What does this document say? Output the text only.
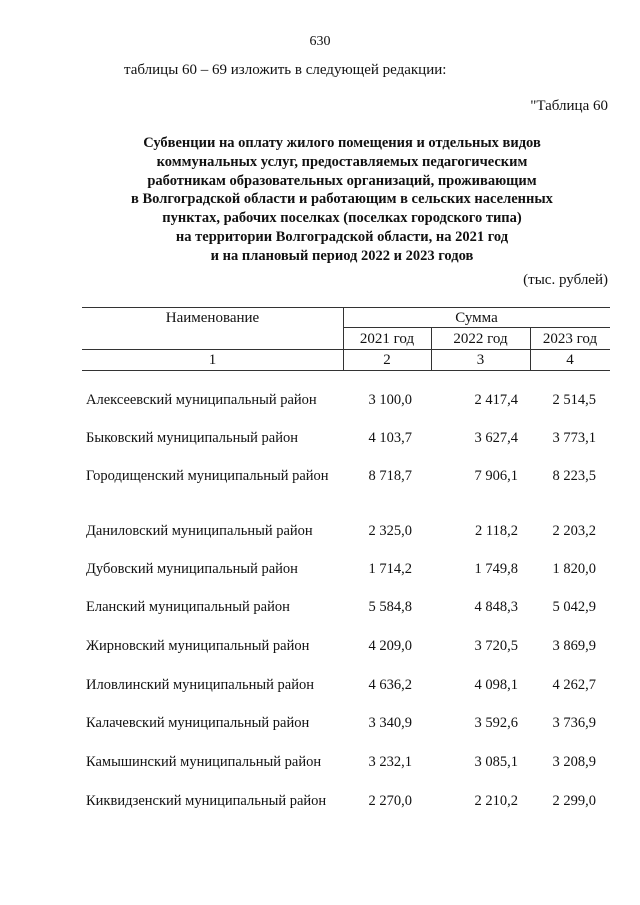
630
таблицы 60 – 69 изложить в следующей редакции:
"Таблица 60
Субвенции на оплату жилого помещения и отдельных видов
коммунальных услуг, предоставляемых педагогическим
работникам образовательных организаций, проживающим
в Волгоградской области и работающим в сельских населенных
пунктах, рабочих поселках (поселках городского типа)
на территории Волгоградской области, на 2021 год
и на плановый период 2022 и 2023 годов
(тыс. рублей)
Наименование	Сумма
2021 год	2022 год	2023 год
1	2	3	4
Алексеевский муниципальный район	3 100,0	2 417,4	2 514,5
Быковский муниципальный район	4 103,7	3 627,4	3 773,1
Городищенский муниципальный район	8 718,7	7 906,1	8 223,5
Даниловский муниципальный район	2 325,0	2 118,2	2 203,2
Дубовский муниципальный район	1 714,2	1 749,8	1 820,0
Еланский муниципальный район	5 584,8	4 848,3	5 042,9
Жирновский муниципальный район	4 209,0	3 720,5	3 869,9
Иловлинский муниципальный район	4 636,2	4 098,1	4 262,7
Калачевский муниципальный район	3 340,9	3 592,6	3 736,9
Камышинский муниципальный район	3 232,1	3 085,1	3 208,9
Киквидзенский муниципальный район	2 270,0	2 210,2	2 299,0
